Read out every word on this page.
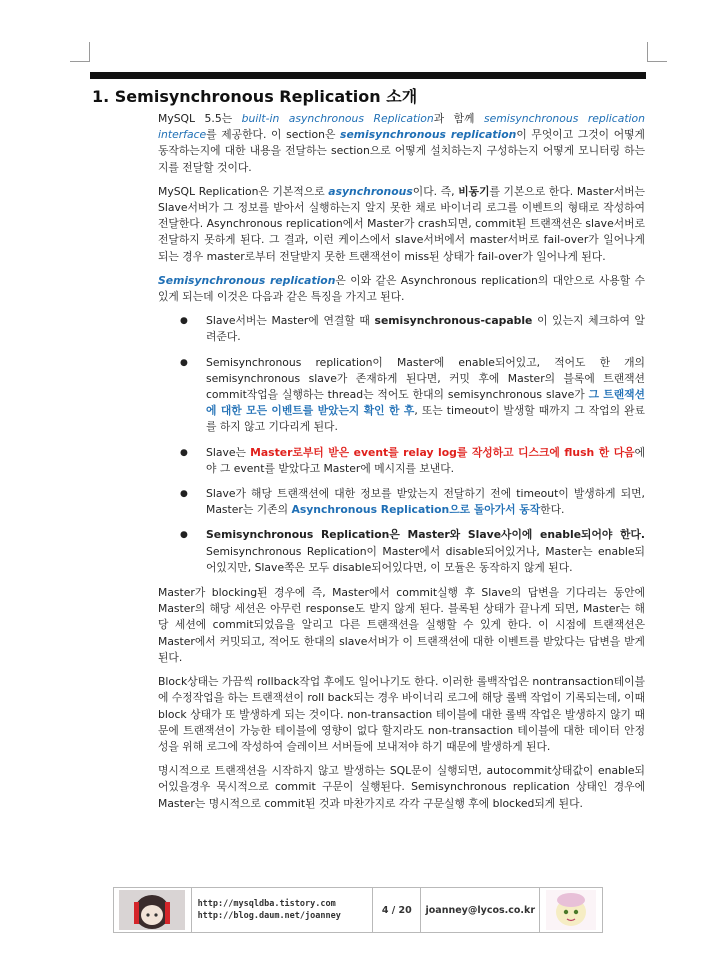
1. Semisynchronous Replication 소개

MySQL 5.5는 built-in asynchronous Replication과 함께 semisynchronous replication interface를 제공한다. 이 section은 semisynchronous replication이 무엇이고 그것이 어떻게 동작하는지에 대한 내용을 전달하는 section으로 어떻게 설치하는지 구성하는지 어떻게 모니터링 하는지를 전달할 것이다.

MySQL Replication은 기본적으로 asynchronous이다. 즉, 비동기를 기본으로 한다. Master서버는 Slave서버가 그 정보를 받아서 실행하는지 알지 못한 채로 바이너리 로그를 이벤트의 형태로 작성하여 전달한다. Asynchronous replication에서 Master가 crash되면, commit된 트랜잭션은 slave서버로 전달하지 못하게 된다. 그 결과, 이런 케이스에서 slave서버에서 master서버로 fail-over가 일어나게 되는 경우 master로부터 전달받지 못한 트랜잭션이 miss된 상태가 fail-over가 일어나게 된다.

Semisynchronous replication은 이와 같은 Asynchronous replication의 대안으로 사용할 수 있게 되는데 이것은 다음과 같은 특징을 가지고 된다.

● Slave서버는 Master에 연결할 때 semisynchronous-capable 이 있는지 체크하여 알려준다.
● Semisynchronous replication이 Master에 enable되어있고, 적어도 한 개의 semisynchronous slave가 존재하게 된다면, 커밋 후에 Master의 블록에 트랜잭션 commit작업을 실행하는 thread는 적어도 한대의 semisynchronous slave가 그 트랜잭션에 대한 모든 이벤트를 받았는지 확인 한 후, 또는 timeout이 발생할 때까지 그 작업의 완료를 하지 않고 기다리게 된다.
● Slave는 Master로부터 받은 event를 relay log를 작성하고 디스크에 flush 한 다음에야 그 event를 받았다고 Master에 메시지를 보낸다.
● Slave가 해당 트랜잭션에 대한 정보를 받았는지 전달하기 전에 timeout이 발생하게 되면, Master는 기존의 Asynchronous Replication으로 돌아가서 동작한다.
● Semisynchronous Replication은 Master와 Slave사이에 enable되어야 한다. Semisynchronous Replication이 Master에서 disable되어있거나, Master는 enable되어있지만, Slave쪽은 모두 disable되어있다면, 이 모듈은 동작하지 않게 된다.

Master가 blocking된 경우에 즉, Master에서 commit실행 후 Slave의 답변을 기다리는 동안에 Master의 해당 세션은 아무런 response도 받지 않게 된다. 블록된 상태가 끝나게 되면, Master는 해당 세션에 commit되었음을 알리고 다른 트랜잭션을 실행할 수 있게 한다. 이 시점에 트랜잭션은 Master에서 커밋되고, 적어도 한대의 slave서버가 이 트랜잭션에 대한 이벤트를 받았다는 답변을 받게 된다.

Block상태는 가끔씩 rollback작업 후에도 일어나기도 한다. 이러한 롤백작업은 nontransaction테이블에 수정작업을 하는 트랜잭션이 roll back되는 경우 바이너리 로그에 해당 롤백 작업이 기록되는데, 이때 block 상태가 또 발생하게 되는 것이다. non-transaction 테이블에 대한 롤백 작업은 발생하지 않기 때문에 트랜잭션이 가능한 테이블에 영향이 없다 할지라도 non-transaction 테이블에 대한 데이터 안정성을 위해 로그에 작성하여 슬레이브 서버들에 보내져야 하기 때문에 발생하게 된다.

명시적으로 트랜잭션을 시작하지 않고 발생하는 SQL문이 실행되면, autocommit상태값이 enable되어있을경우 묵시적으로 commit 구문이 실행된다. Semisynchronous replication 상태인 경우에 Master는 명시적으로 commit된 것과 마찬가지로 각각 구문실행 후에 blocked되게 된다.

http://mysqldba.tistory.com
http://blog.daum.net/joanney
4 / 20	joanney@lycos.co.kr
